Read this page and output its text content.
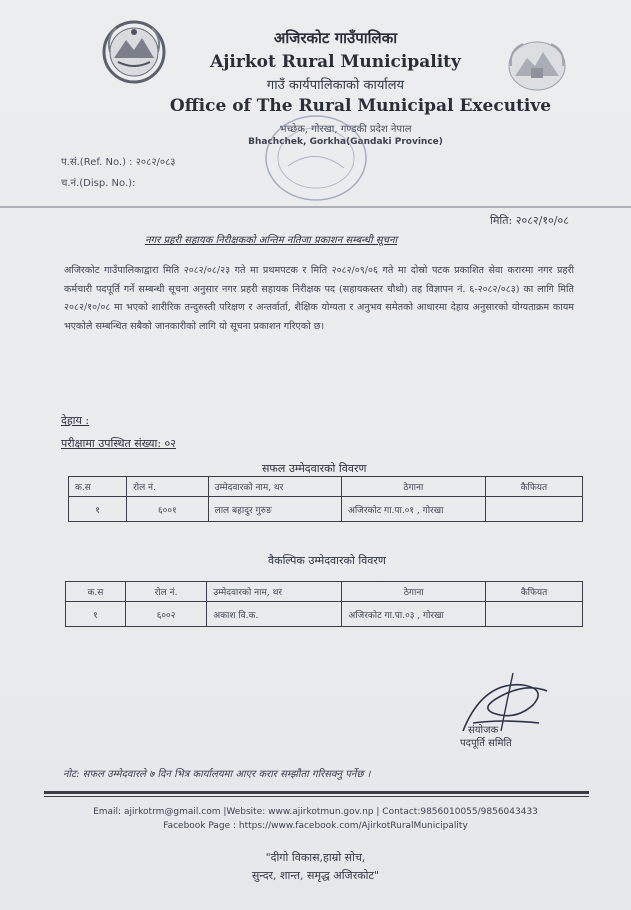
अजिरकोट गाउँपालिका
Ajirkot Rural Municipality
गाउँ कार्यपालिकाको कार्यालय
Office of The Rural Municipal Executive
भच्छेक, गोरखा, गण्डकी प्रदेश नेपाल
Bhachchek, Gorkha(Gandaki Province)
प.सं.(Ref. No.) : २०८२/०८३
च.नं.(Disp. No.):
मिति: २०८२/१०/०८
नगर प्रहरी सहायक निरीक्षकको अन्तिम नतिजा प्रकाशन सम्बन्धी सूचना
अजिरकोट गाउँपालिकाद्वारा मिति २०८२/०८/२३ गते मा प्रथमपटक र मिति २०८२/०९/०६ गते मा दोस्रो पटक प्रकाशित सेवा करारमा नगर प्रहरी कर्मचारी पदपूर्ति गर्ने सम्बन्धी सूचना अनुसार नगर प्रहरी सहायक निरीक्षक पद (सहायकस्तर चौथो) तह विज्ञापन नं. ६-२०८२/०८३) का लागि मिति २०८२/१०/०८ मा भएको शारीरिक तन्दुरुस्ती परिक्षण र अन्तर्वार्ता, शैक्षिक योग्यता र अनुभव समेतको आधारमा देहाय अनुसारको योग्यताक्रम कायम भएकोले सम्बन्धित सबैको जानकारीको लागि यो सूचना प्रकाशन गरिएको छ।
देहाय :
परीक्षामा उपस्थित संख्या: ०२
सफल उम्मेदवारको विवरण
क.स	रोल नं.	उम्मेदवारको नाम, थर	ठेगाना	कैफियत
१	६००१	लाल बहादुर गुरुङ	अजिरकोट गा.पा.०१ , गोरखा	
वैकल्पिक उम्मेदवारको विवरण
क.स	रोल नं.	उम्मेदवारको नाम, थर	ठेगाना	कैफियत
१	६००२	अकाश वि.क.	अजिरकोट गा.पा.०३ , गोरखा	
संयोजक
पदपूर्ति समिति
नोट: सफल उम्मेदवारले ७ दिन भित्र कार्यालयमा आएर करार सम्झौता गरिसक्नु पर्नेछ ।
Email: ajirkotrm@gmail.com |Website: www.ajirkotmun.gov.np | Contact:9856010055/9856043433
Facebook Page : https://www.facebook.com/AjirkotRuralMunicipality
"दीगो विकास,हाम्रो सोच,
सुन्दर, शान्त, समृद्ध अजिरकोट"
